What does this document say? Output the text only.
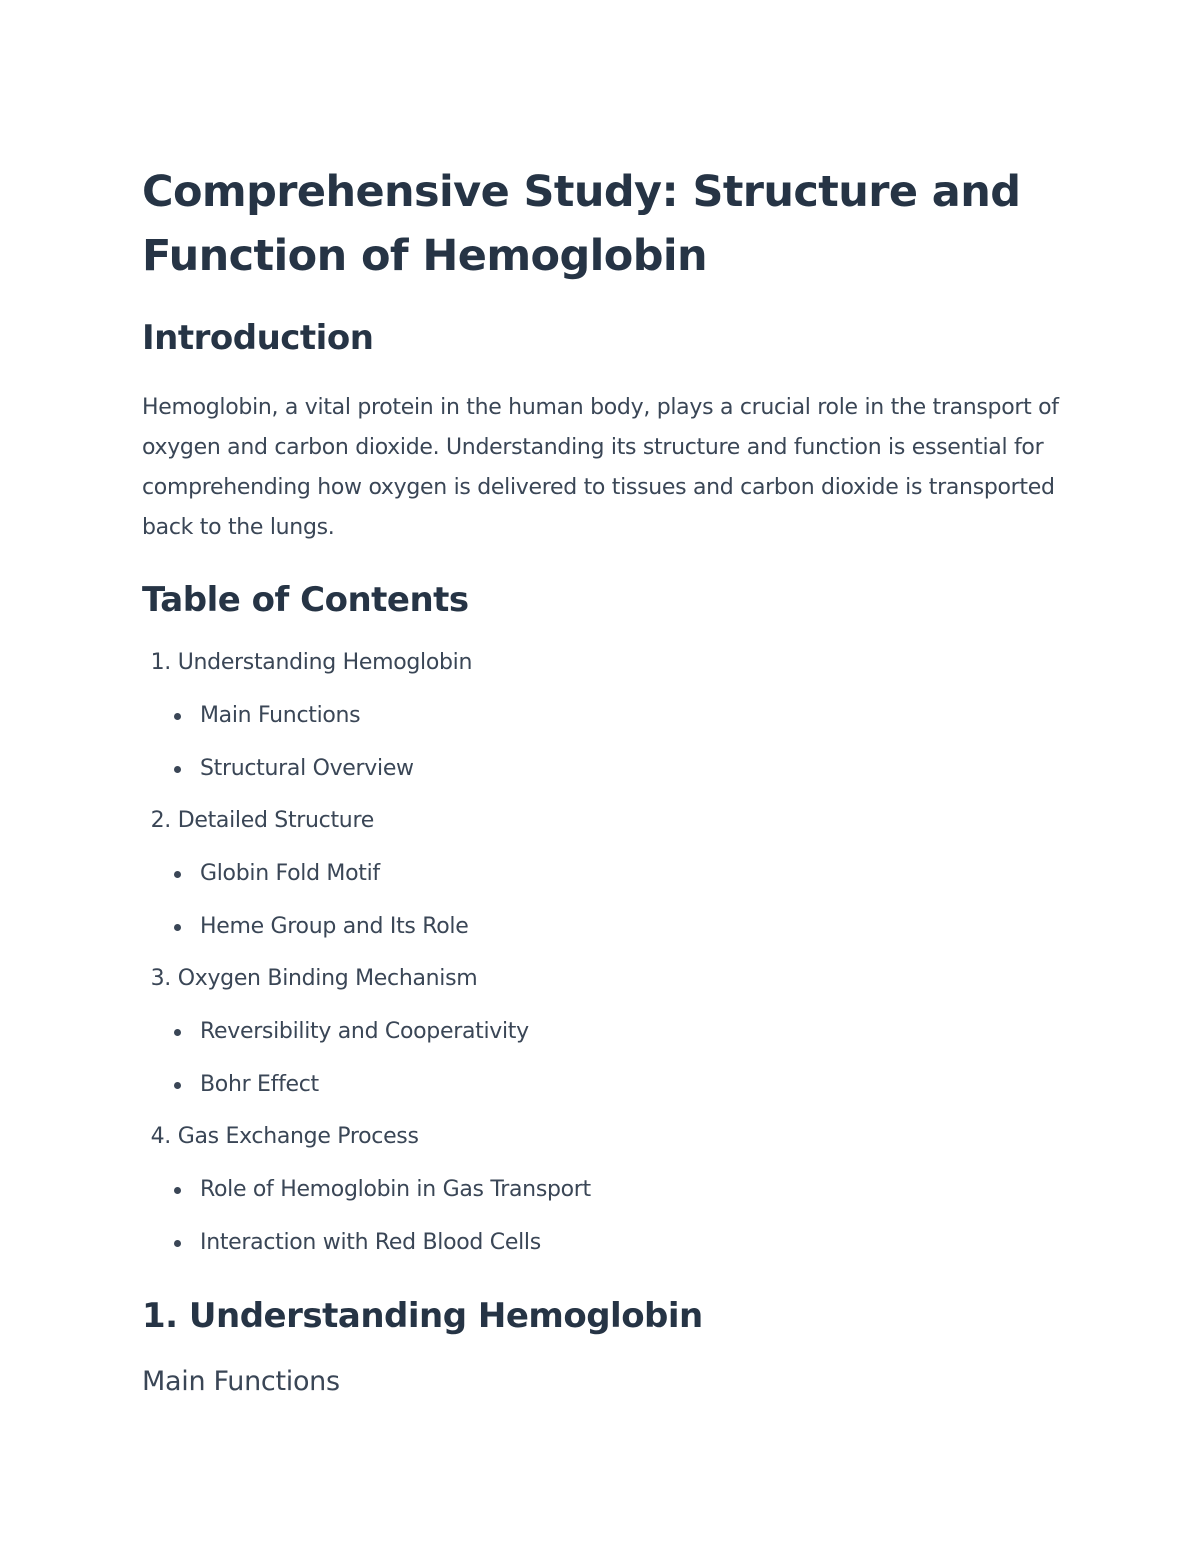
Comprehensive Study: Structure and Function of Hemoglobin
Introduction

Hemoglobin, a vital protein in the human body, plays a crucial role in the transport of oxygen and carbon dioxide. Understanding its structure and function is essential for comprehending how oxygen is delivered to tissues and carbon dioxide is transported back to the lungs.

Table of Contents
1. Understanding Hemoglobin
Main Functions
Structural Overview
2. Detailed Structure
Globin Fold Motif
Heme Group and Its Role
3. Oxygen Binding Mechanism
Reversibility and Cooperativity
Bohr Effect
4. Gas Exchange Process
Role of Hemoglobin in Gas Transport
Interaction with Red Blood Cells
1. Understanding Hemoglobin
Main Functions
